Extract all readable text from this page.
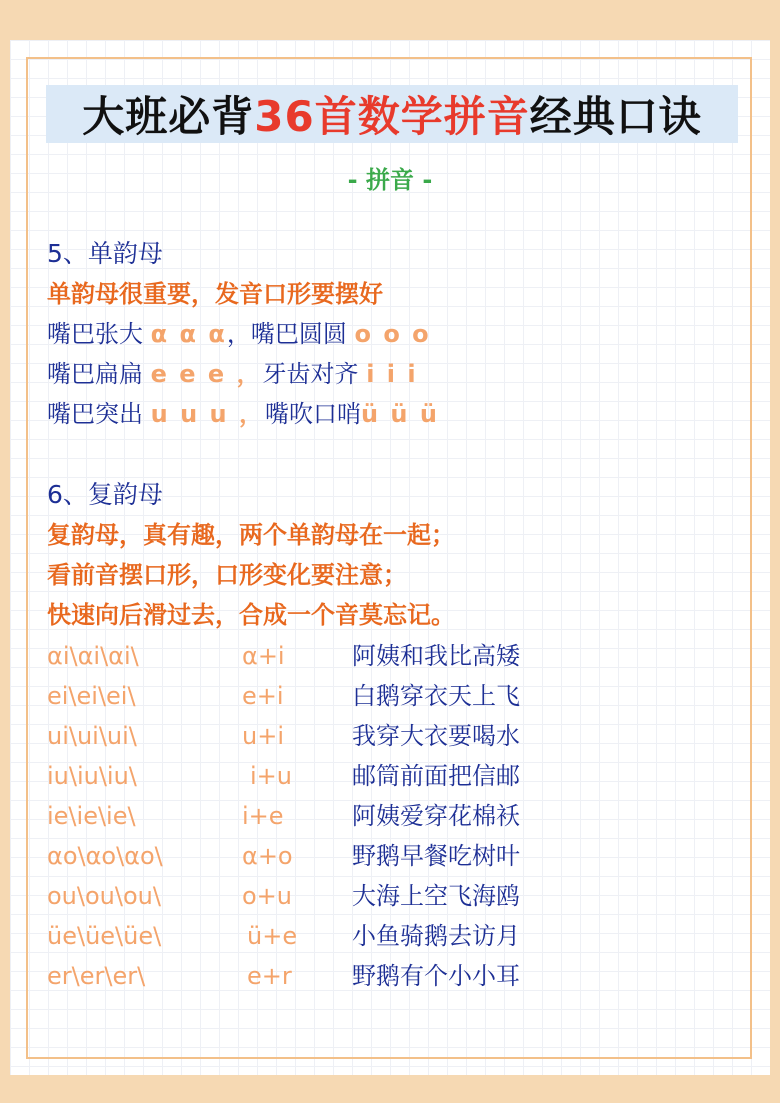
大班必背 36首数学拼音 经典口诀
- 拼音 -
5、单韵母
单韵母很重要，发音口形要摆好
嘴巴张大 α α α，嘴巴圆圆 o o o
嘴巴扁扁 e e e ，牙齿对齐 i i i
嘴巴突出 u u u ，嘴吹口哨ü ü ü
6、复韵母
复韵母，真有趣，两个单韵母在一起；
看前音摆口形，口形变化要注意；
快速向后滑过去，合成一个音莫忘记。
αi\αi\αi\	α+i	阿姨和我比高矮
ei\ei\ei\	e+i	白鹅穿衣天上飞
ui\ui\ui\	u+i	我穿大衣要喝水
iu\iu\iu\	i+u	邮筒前面把信邮
ie\ie\ie\	i+e	阿姨爱穿花棉袄
αo\αo\αo\	α+o	野鹅早餐吃树叶
ou\ou\ou\	o+u	大海上空飞海鸥
üe\üe\üe\	ü+e	小鱼骑鹅去访月
er\er\er\	e+r	野鹅有个小小耳
